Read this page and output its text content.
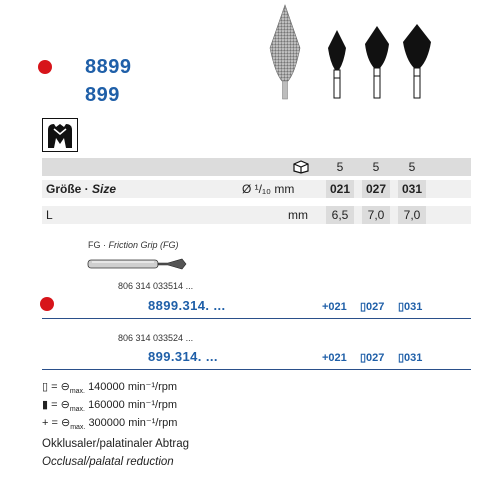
8899
899
5	5	5
Größe · Size	Ø ¹/₁₀ mm	021	027	031
L	mm	6,5	7,0	7,0
FG · Friction Grip (FG)
806 314 033514 ...
8899.314. ...	+021 ▯027 ▯031
806 314 033524 ...
899.314. ...	+021 ▯027 ▯031
▯ = $⊖_{max.}$ 140000 min⁻¹/rpm
▮ = $⊖_{max.}$ 160000 min⁻¹/rpm
+ = $⊖_{max.}$ 300000 min⁻¹/rpm
Okklusaler/palatinaler Abtrag
Occlusal/palatal reduction
